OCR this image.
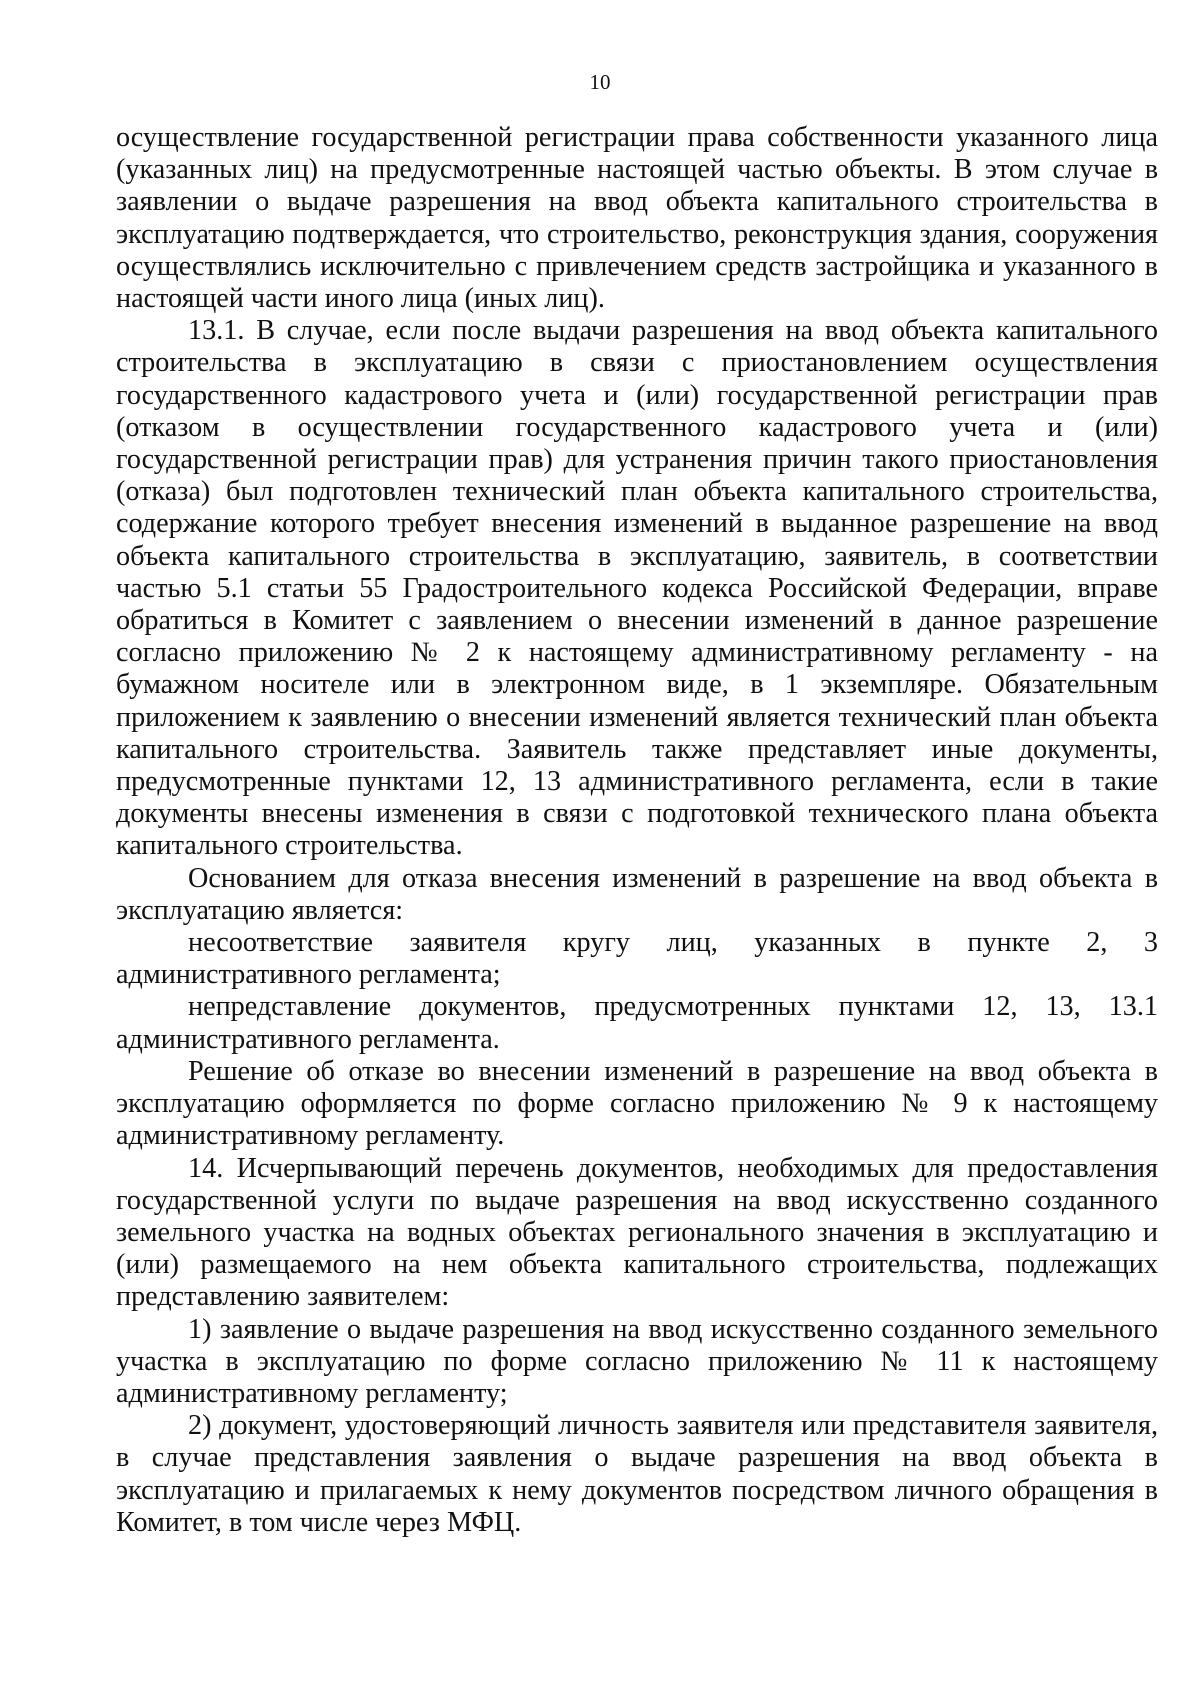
10

осуществление государственной регистрации права собственности указанного лица (указанных лиц) на предусмотренные настоящей частью объекты. В этом случае в заявлении о выдаче разрешения на ввод объекта капитального строительства в эксплуатацию подтверждается, что строительство, реконструкция здания, сооружения осуществлялись исключительно с привлечением средств застройщика и указанного в настоящей части иного лица (иных лиц).

13.1. В случае, если после выдачи разрешения на ввод объекта капитального строительства в эксплуатацию в связи с приостановлением осуществления государственного кадастрового учета и (или) государственной регистрации прав (отказом в осуществлении государственного кадастрового учета и (или) государственной регистрации прав) для устранения причин такого приостановления (отказа) был подготовлен технический план объекта капитального строительства, содержание которого требует внесения изменений в выданное разрешение на ввод объекта капитального строительства в эксплуатацию, заявитель, в соответствии частью 5.1 статьи 55 Градостроительного кодекса Российской Федерации, вправе обратиться в Комитет с заявлением о внесении изменений в данное разрешение согласно приложению № 2 к настоящему административному регламенту - на бумажном носителе или в электронном виде, в 1 экземпляре. Обязательным приложением к заявлению о внесении изменений является технический план объекта капитального строительства. Заявитель также представляет иные документы, предусмотренные пунктами 12, 13 административного регламента, если в такие документы внесены изменения в связи с подготовкой технического плана объекта капитального строительства.

Основанием для отказа внесения изменений в разрешение на ввод объекта в эксплуатацию является:

несоответствие заявителя кругу лиц, указанных в пункте 2, 3 административного регламента;

непредставление документов, предусмотренных пунктами 12, 13, 13.1 административного регламента.

Решение об отказе во внесении изменений в разрешение на ввод объекта в эксплуатацию оформляется по форме согласно приложению № 9 к настоящему административному регламенту.

14. Исчерпывающий перечень документов, необходимых для предоставления государственной услуги по выдаче разрешения на ввод искусственно созданного земельного участка на водных объектах регионального значения в эксплуатацию и (или) размещаемого на нем объекта капитального строительства, подлежащих представлению заявителем:

1) заявление о выдаче разрешения на ввод искусственно созданного земельного участка в эксплуатацию по форме согласно приложению № 11 к настоящему административному регламенту;

2) документ, удостоверяющий личность заявителя или представителя заявителя, в случае представления заявления о выдаче разрешения на ввод объекта в эксплуатацию и прилагаемых к нему документов посредством личного обращения в Комитет, в том числе через МФЦ.
